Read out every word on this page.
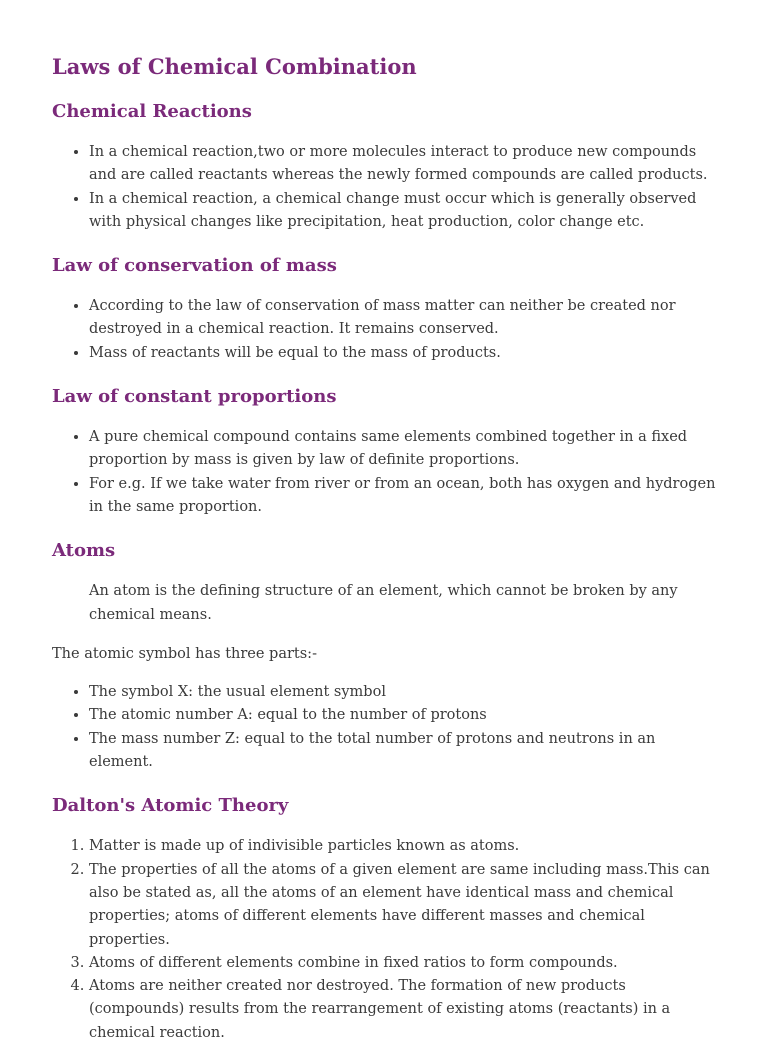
Laws of Chemical Combination
Chemical Reactions
• In a chemical reaction,two or more molecules interact to produce new compounds and are called reactants whereas the newly formed compounds are called products.
• In a chemical reaction, a chemical change must occur which is generally observed with physical changes like precipitation, heat production, color change etc.
Law of conservation of mass
• According to the law of conservation of mass matter can neither be created nor destroyed in a chemical reaction. It remains conserved.
• Mass of reactants will be equal to the mass of products.
Law of constant proportions
• A pure chemical compound contains same elements combined together in a fixed proportion by mass is given by law of definite proportions.
• For e.g. If we take water from river or from an ocean, both has oxygen and hydrogen in the same proportion.
Atoms
An atom is the defining structure of an element, which cannot be broken by any chemical means.
The atomic symbol has three parts:-
• The symbol X: the usual element symbol
• The atomic number A: equal to the number of protons
• The mass number Z: equal to the total number of protons and neutrons in an element.
Dalton's Atomic Theory
1. Matter is made up of indivisible particles known as atoms.
2. The properties of all the atoms of a given element are same including mass.This can also be stated as, all the atoms of an element have identical mass and chemical properties; atoms of different elements have different masses and chemical properties.
3. Atoms of different elements combine in fixed ratios to form compounds.
4. Atoms are neither created nor destroyed. The formation of new products (compounds) results from the rearrangement of existing atoms (reactants) in a chemical reaction.
